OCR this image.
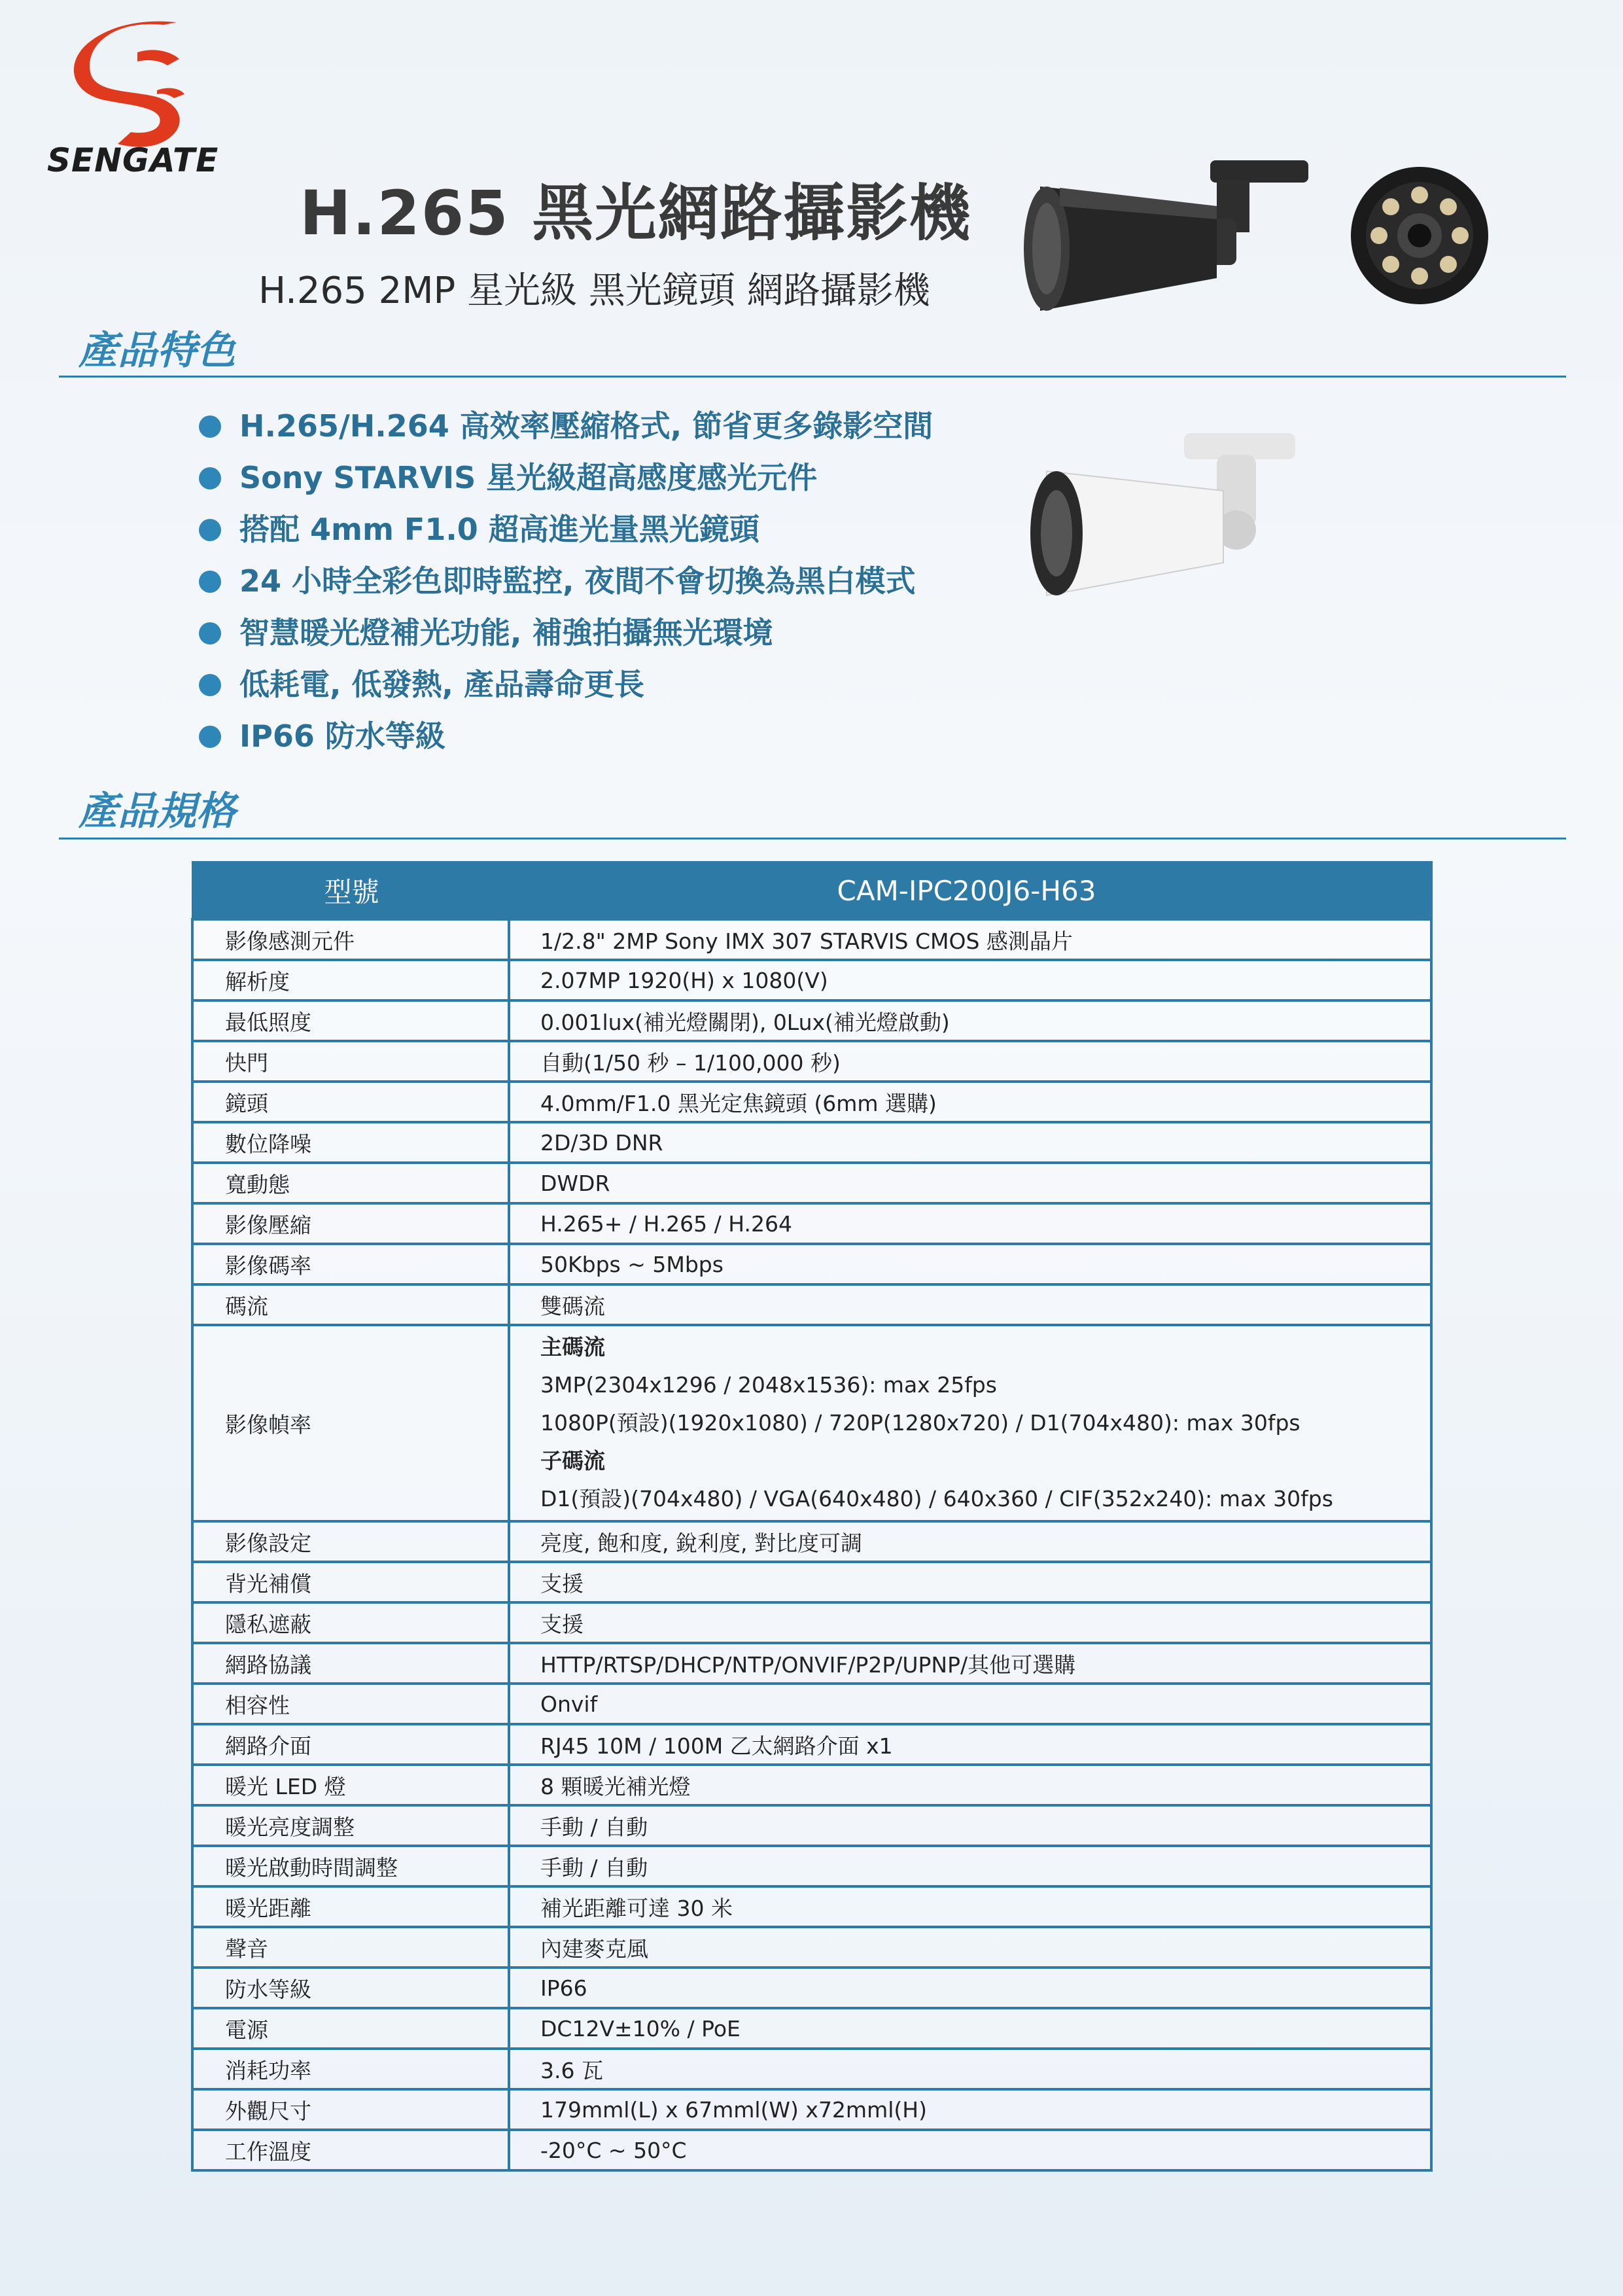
SENGATE
H.265 黑光網路攝影機
H.265 2MP 星光級 黑光鏡頭 網路攝影機
產品特色
H.265/H.264 高效率壓縮格式, 節省更多錄影空間
Sony STARVIS 星光級超高感度感光元件
搭配 4mm F1.0 超高進光量黑光鏡頭
24 小時全彩色即時監控, 夜間不會切換為黑白模式
智慧暖光燈補光功能, 補強拍攝無光環境
低耗電, 低發熱, 產品壽命更長
IP66 防水等級
產品規格
型號	CAM-IPC200J6-H63
影像感測元件	1/2.8" 2MP Sony IMX 307 STARVIS CMOS 感測晶片
解析度	2.07MP 1920(H) x 1080(V)
最低照度	0.001lux(補光燈關閉), 0Lux(補光燈啟動)
快門	自動(1/50 秒 – 1/100,000 秒)
鏡頭	4.0mm/F1.0 黑光定焦鏡頭 (6mm 選購)
數位降噪	2D/3D DNR
寬動態	DWDR
影像壓縮	H.265+ / H.265 / H.264
影像碼率	50Kbps ~ 5Mbps
碼流	雙碼流
影像幀率	主碼流
3MP(2304x1296 / 2048x1536): max 25fps
1080P(預設)(1920x1080) / 720P(1280x720) / D1(704x480): max 30fps
子碼流
D1(預設)(704x480) / VGA(640x480) / 640x360 / CIF(352x240): max 30fps

影像設定	亮度, 飽和度, 銳利度, 對比度可調
背光補償	支援
隱私遮蔽	支援
網路協議	HTTP/RTSP/DHCP/NTP/ONVIF/P2P/UPNP/其他可選購
相容性	Onvif
網路介面	RJ45 10M / 100M 乙太網路介面 x1
暖光 LED 燈	8 顆暖光補光燈
暖光亮度調整	手動 / 自動
暖光啟動時間調整	手動 / 自動
暖光距離	補光距離可達 30 米
聲音	內建麥克風
防水等級	IP66
電源	DC12V±10% / PoE
消耗功率	3.6 瓦
外觀尺寸	179mml(L) x 67mml(W) x72mml(H)
工作溫度	-20°C ~ 50°C
